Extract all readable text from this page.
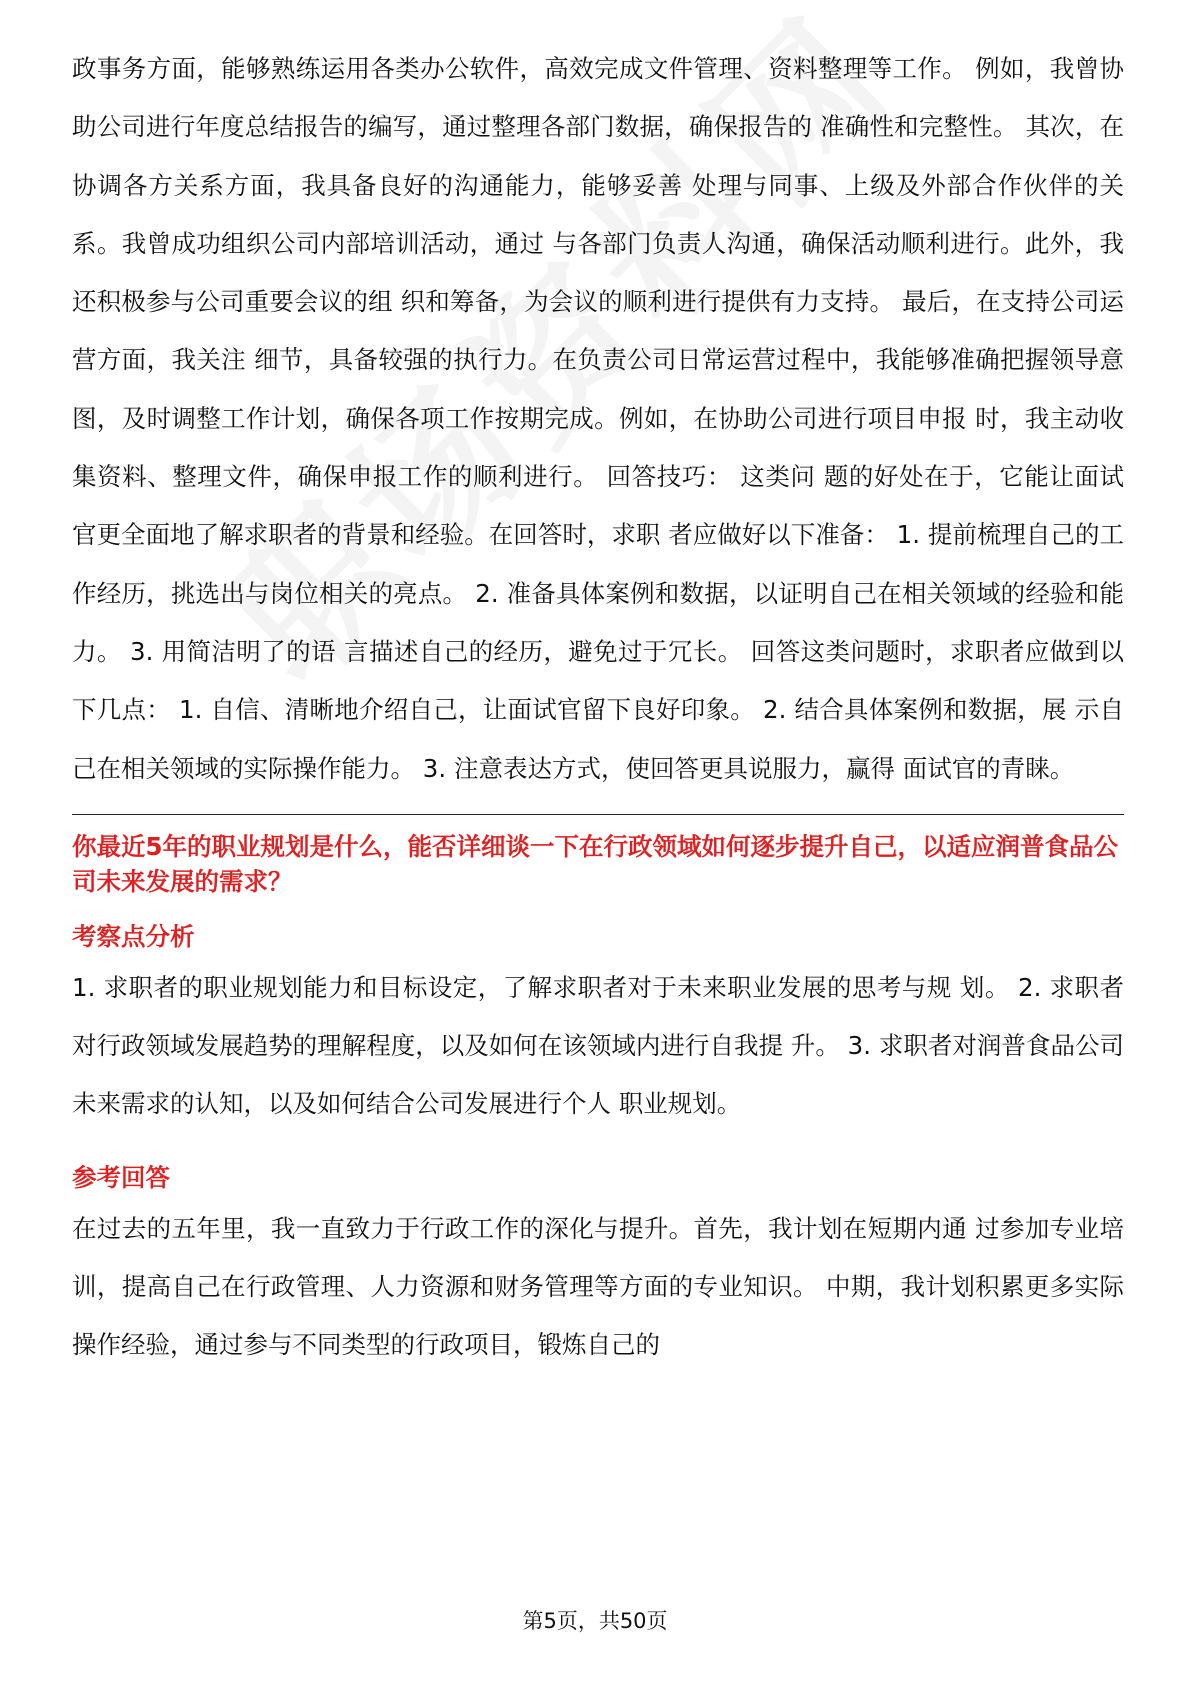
政事务方面，能够熟练运用各类办公软件，高效完成文件管理、资料整理等工作。 例如，我曾协助公司进行年度总结报告的编写，通过整理各部门数据，确保报告的 准确性和完整性。 其次，在协调各方关系方面，我具备良好的沟通能力，能够妥善 处理与同事、上级及外部合作伙伴的关系。我曾成功组织公司内部培训活动，通过 与各部门负责人沟通，确保活动顺利进行。此外，我还积极参与公司重要会议的组 织和筹备，为会议的顺利进行提供有力支持。 最后，在支持公司运营方面，我关注 细节，具备较强的执行力。在负责公司日常运营过程中，我能够准确把握领导意 图，及时调整工作计划，确保各项工作按期完成。例如，在协助公司进行项目申报 时，我主动收集资料、整理文件，确保申报工作的顺利进行。 回答技巧： 这类问 题的好处在于，它能让面试官更全面地了解求职者的背景和经验。在回答时，求职 者应做好以下准备： 1. 提前梳理自己的工作经历，挑选出与岗位相关的亮点。 2. 准备具体案例和数据，以证明自己在相关领域的经验和能力。 3. 用简洁明了的语 言描述自己的经历，避免过于冗长。 回答这类问题时，求职者应做到以下几点： 1. 自信、清晰地介绍自己，让面试官留下良好印象。 2. 结合具体案例和数据，展 示自己在相关领域的实际操作能力。 3. 注意表达方式，使回答更具说服力，赢得 面试官的青睐。

你最近5年的职业规划是什么，能否详细谈一下在行政领域如何逐步提升自己，以适应润普食品公司未来发展的需求？

考察点分析

1. 求职者的职业规划能力和目标设定，了解求职者对于未来职业发展的思考与规 划。 2. 求职者对行政领域发展趋势的理解程度，以及如何在该领域内进行自我提 升。 3. 求职者对润普食品公司未来需求的认知，以及如何结合公司发展进行个人 职业规划。

参考回答

在过去的五年里，我一直致力于行政工作的深化与提升。首先，我计划在短期内通 过参加专业培训，提高自己在行政管理、人力资源和财务管理等方面的专业知识。 中期，我计划积累更多实际操作经验，通过参与不同类型的行政项目，锻炼自己的

第5页，共50页
